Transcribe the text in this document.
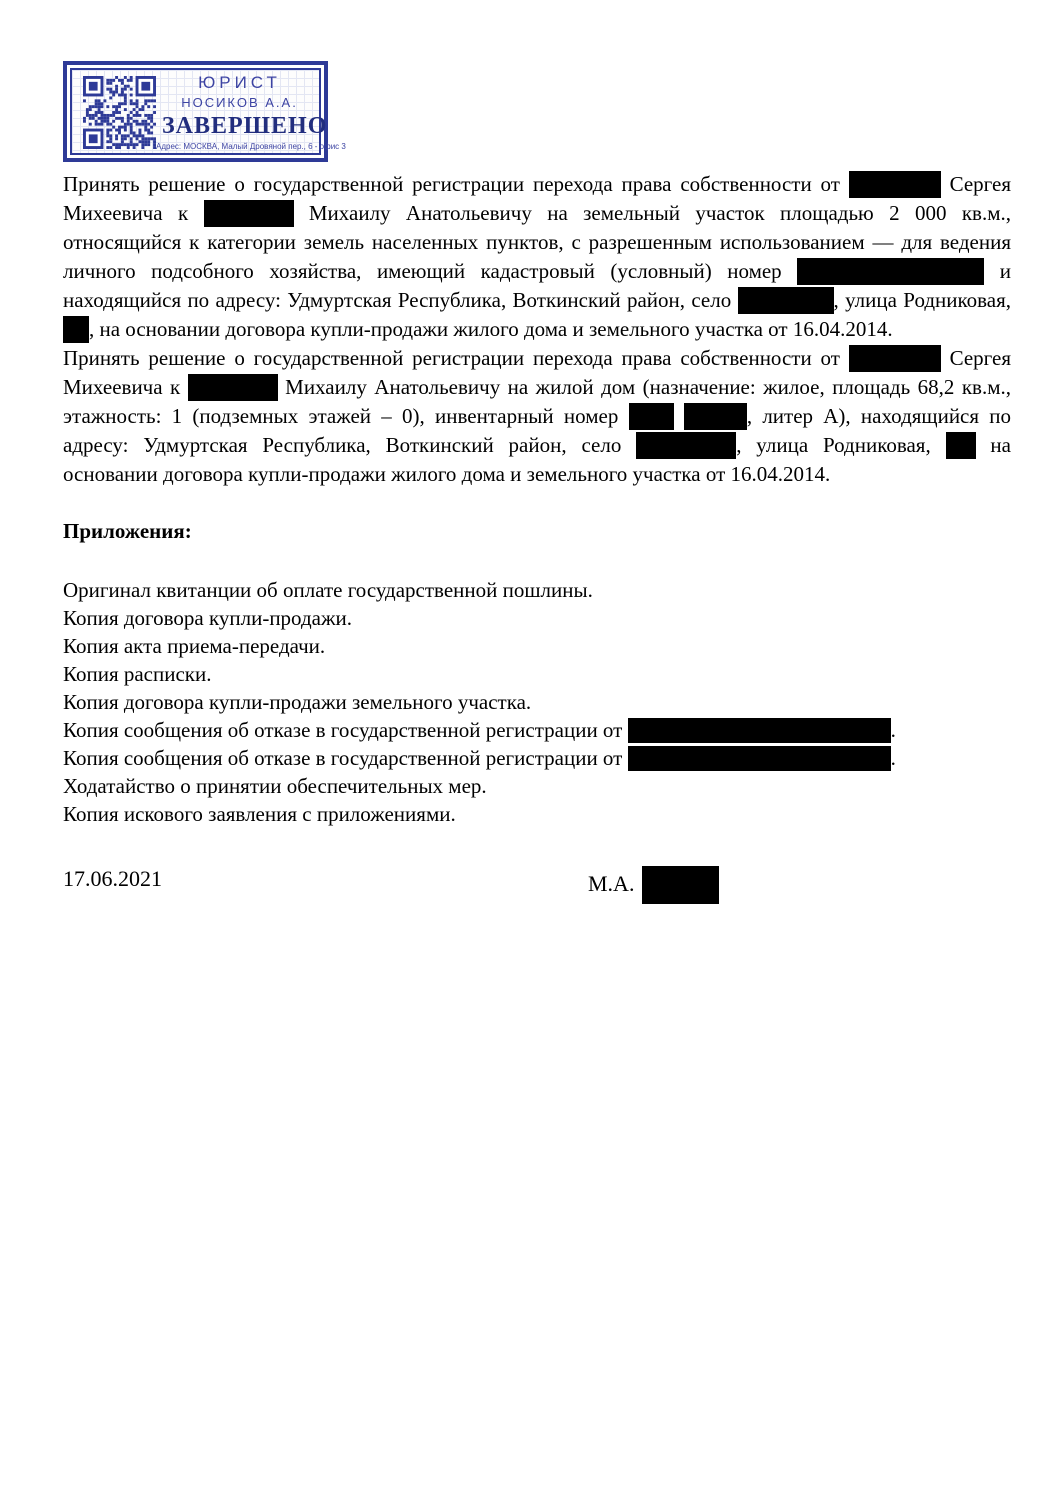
ЮРИСТ
НОСИКОВ А.А.
ЗАВЕРШЕНО
Адрес: МОСКВА, Малый Дровяной пер., 6 - офис 3

Принять решение о государственной регистрации перехода права собственности от	Сергея Михеевича к	Михаилу Анатольевичу на земельный участок площадью 2 000 кв.м., относящийся к категории земель населенных пунктов, с разрешенным использованием — для ведения личного подсобного хозяйства, имеющий кадастровый (условный) номер	и находящийся по адресу: Удмуртская Республика, Воткинский район, село	, улица Родниковая, , на основании договора купли-продажи жилого дома и земельного участка от 16.04.2014.

Принять решение о государственной регистрации перехода права собственности от	Сергея Михеевича к	Михаилу Анатольевичу на жилой дом (назначение: жилое, площадь 68,2 кв.м., этажность: 1 (подземных этажей – 0), инвентарный номер	, литер А), находящийся по адресу: Удмуртская Республика, Воткинский район, село	, улица Родниковая,  на основании договора купли-продажи жилого дома и земельного участка от 16.04.2014.

Приложения:
Оригинал квитанции об оплате государственной пошлины.
Копия договора купли-продажи.
Копия акта приема-передачи.
Копия расписки.
Копия договора купли-продажи земельного участка.
Копия сообщения об отказе в государственной регистрации от	.
Копия сообщения об отказе в государственной регистрации от	.
Ходатайство о принятии обеспечительных мер.
Копия искового заявления с приложениями.
17.06.2021	М.А.
